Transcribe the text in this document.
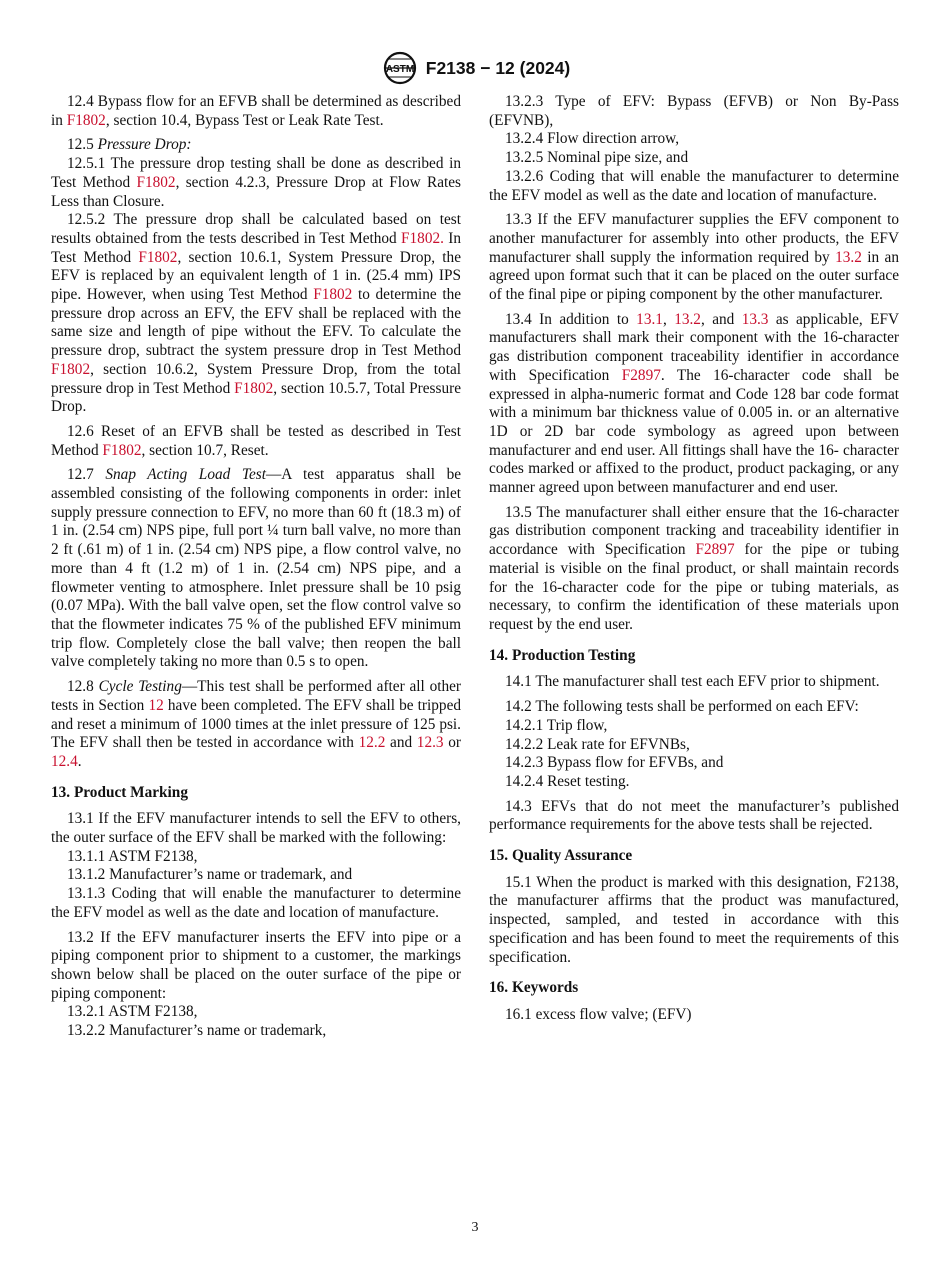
ASTM F2138 − 12 (2024)

12.4 Bypass flow for an EFVB shall be determined as described in F1802, section 10.4, Bypass Test or Leak Rate Test.

12.5 Pressure Drop:

12.5.1 The pressure drop testing shall be done as described in Test Method F1802, section 4.2.3, Pressure Drop at Flow Rates Less than Closure.

12.5.2 The pressure drop shall be calculated based on test results obtained from the tests described in Test Method F1802. In Test Method F1802, section 10.6.1, System Pressure Drop, the EFV is replaced by an equivalent length of 1 in. (25.4 mm) IPS pipe. However, when using Test Method F1802 to determine the pressure drop across an EFV, the EFV shall be replaced with the same size and length of pipe without the EFV. To calculate the pressure drop, subtract the system pressure drop in Test Method F1802, section 10.6.2, System Pressure Drop, from the total pressure drop in Test Method F1802, section 10.5.7, Total Pressure Drop.

12.6 Reset of an EFVB shall be tested as described in Test Method F1802, section 10.7, Reset.

12.7 Snap Acting Load Test—A test apparatus shall be assembled consisting of the following components in order: inlet supply pressure connection to EFV, no more than 60 ft (18.3 m) of 1 in. (2.54 cm) NPS pipe, full port ¼ turn ball valve, no more than 2 ft (.61 m) of 1 in. (2.54 cm) NPS pipe, a flow control valve, no more than 4 ft (1.2 m) of 1 in. (2.54 cm) NPS pipe, and a flowmeter venting to atmosphere. Inlet pressure shall be 10 psig (0.07 MPa). With the ball valve open, set the flow control valve so that the flowmeter indicates 75 % of the published EFV minimum trip flow. Completely close the ball valve; then reopen the ball valve completely taking no more than 0.5 s to open.

12.8 Cycle Testing—This test shall be performed after all other tests in Section 12 have been completed. The EFV shall be tripped and reset a minimum of 1000 times at the inlet pressure of 125 psi. The EFV shall then be tested in accordance with 12.2 and 12.3 or 12.4.

13. Product Marking

13.1 If the EFV manufacturer intends to sell the EFV to others, the outer surface of the EFV shall be marked with the following:

13.1.1 ASTM F2138,

13.1.2 Manufacturer’s name or trademark, and

13.1.3 Coding that will enable the manufacturer to determine the EFV model as well as the date and location of manufacture.

13.2 If the EFV manufacturer inserts the EFV into pipe or a piping component prior to shipment to a customer, the markings shown below shall be placed on the outer surface of the pipe or piping component:

13.2.1 ASTM F2138,

13.2.2 Manufacturer’s name or trademark,

13.2.3 Type of EFV: Bypass (EFVB) or Non By-Pass (EFVNB),

13.2.4 Flow direction arrow,

13.2.5 Nominal pipe size, and

13.2.6 Coding that will enable the manufacturer to determine the EFV model as well as the date and location of manufacture.

13.3 If the EFV manufacturer supplies the EFV component to another manufacturer for assembly into other products, the EFV manufacturer shall supply the information required by 13.2 in an agreed upon format such that it can be placed on the outer surface of the final pipe or piping component by the other manufacturer.

13.4 In addition to 13.1, 13.2, and 13.3 as applicable, EFV manufacturers shall mark their component with the 16-character gas distribution component traceability identifier in accordance with Specification F2897. The 16-character code shall be expressed in alpha-numeric format and Code 128 bar code format with a minimum bar thickness value of 0.005 in. or an alternative 1D or 2D bar code symbology as agreed upon between manufacturer and end user. All fittings shall have the 16- character codes marked or affixed to the product, product packaging, or any manner agreed upon between manufacturer and end user.

13.5 The manufacturer shall either ensure that the 16-character gas distribution component tracking and traceability identifier in accordance with Specification F2897 for the pipe or tubing material is visible on the final product, or shall maintain records for the 16-character code for the pipe or tubing materials, as necessary, to confirm the identification of these materials upon request by the end user.

14. Production Testing

14.1 The manufacturer shall test each EFV prior to shipment.

14.2 The following tests shall be performed on each EFV:

14.2.1 Trip flow,

14.2.2 Leak rate for EFVNBs,

14.2.3 Bypass flow for EFVBs, and

14.2.4 Reset testing.

14.3 EFVs that do not meet the manufacturer’s published performance requirements for the above tests shall be rejected.

15. Quality Assurance

15.1 When the product is marked with this designation, F2138, the manufacturer affirms that the product was manufactured, inspected, sampled, and tested in accordance with this specification and has been found to meet the requirements of this specification.

16. Keywords

16.1 excess flow valve; (EFV)

3
